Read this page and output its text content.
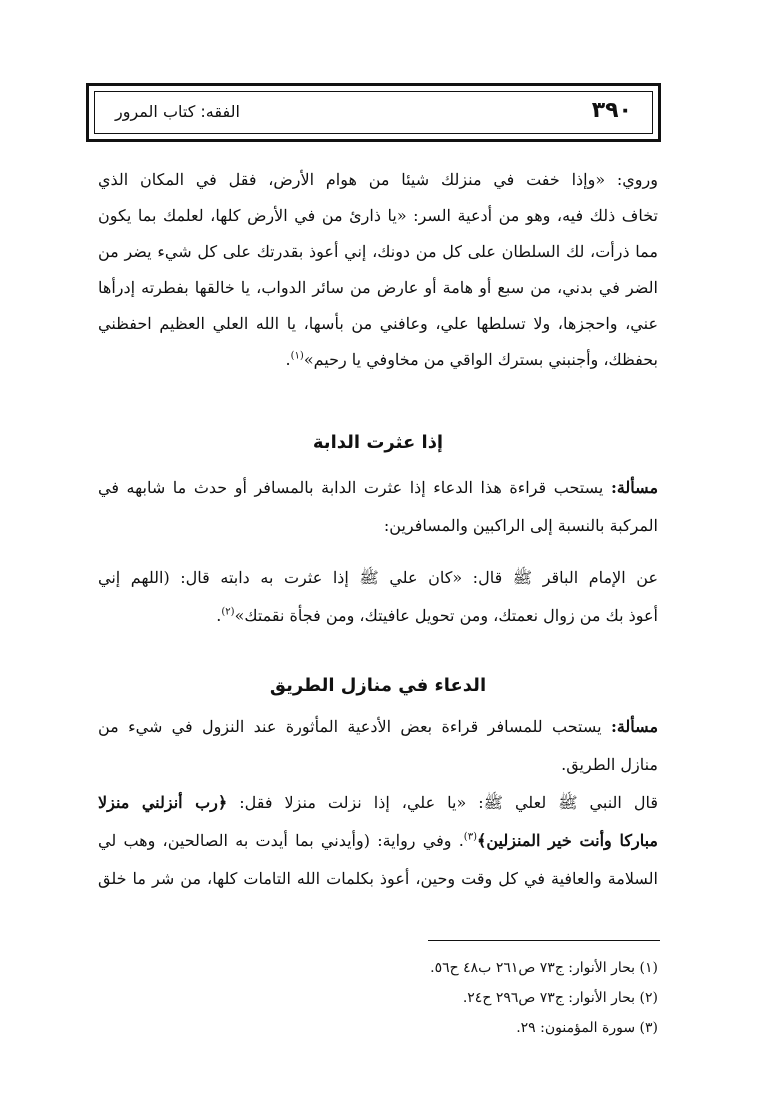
٣٩٠
الفقه: كتاب المرور
وروي: «وإذا خفت في منزلك شيئا من هوام الأرض، فقل في المكان الذي
تخاف ذلك فيه، وهو من أدعية السر: «يا ذارئ من في الأرض كلها، لعلمك بما يكون
مما ذرأت، لك السلطان على كل من دونك، إني أعوذ بقدرتك على كل شيء يضر من
الضر في بدني، من سبع أو هامة أو عارض من سائر الدواب، يا خالقها بفطرته إدرأها
عني، واحجزها، ولا تسلطها علي، وعافني من بأسها، يا الله العلي العظيم احفظني
بحفظك، وأجنبني بسترك الواقي من مخاوفي يا رحيم»$^{(١)}$.
إذا عثرت الدابة
مسألة: يستحب قراءة هذا الدعاء إذا عثرت الدابة بالمسافر أو حدث ما شابهه في
المركبة بالنسبة إلى الراكبين والمسافرين:
عن الإمام الباقر ﷺ قال: «كان علي ﷺ إذا عثرت به دابته قال: (اللهم إني
أعوذ بك من زوال نعمتك، ومن تحويل عافيتك، ومن فجأة نقمتك»$^{(٢)}$.
الدعاء في منازل الطريق
مسألة: يستحب للمسافر قراءة بعض الأدعية المأثورة عند النزول في شيء من
منازل الطريق.
قال النبي ﷺ لعلي ﷺ: «يا علي، إذا نزلت منزلا فقل: ﴿رب أنزلني منزلا
مباركا وأنت خير المنزلين﴾$^{(٣)}$. وفي رواية: (وأيدني بما أيدت به الصالحين، وهب لي
السلامة والعافية في كل وقت وحين، أعوذ بكلمات الله التامات كلها، من شر ما خلق
(١) بحار الأنوار: ج٧٣ ص٢٦١ ب٤٨ ح٥٦.
(٢) بحار الأنوار: ج٧٣ ص٢٩٦ ح٢٤.
(٣) سورة المؤمنون: ٢٩.
